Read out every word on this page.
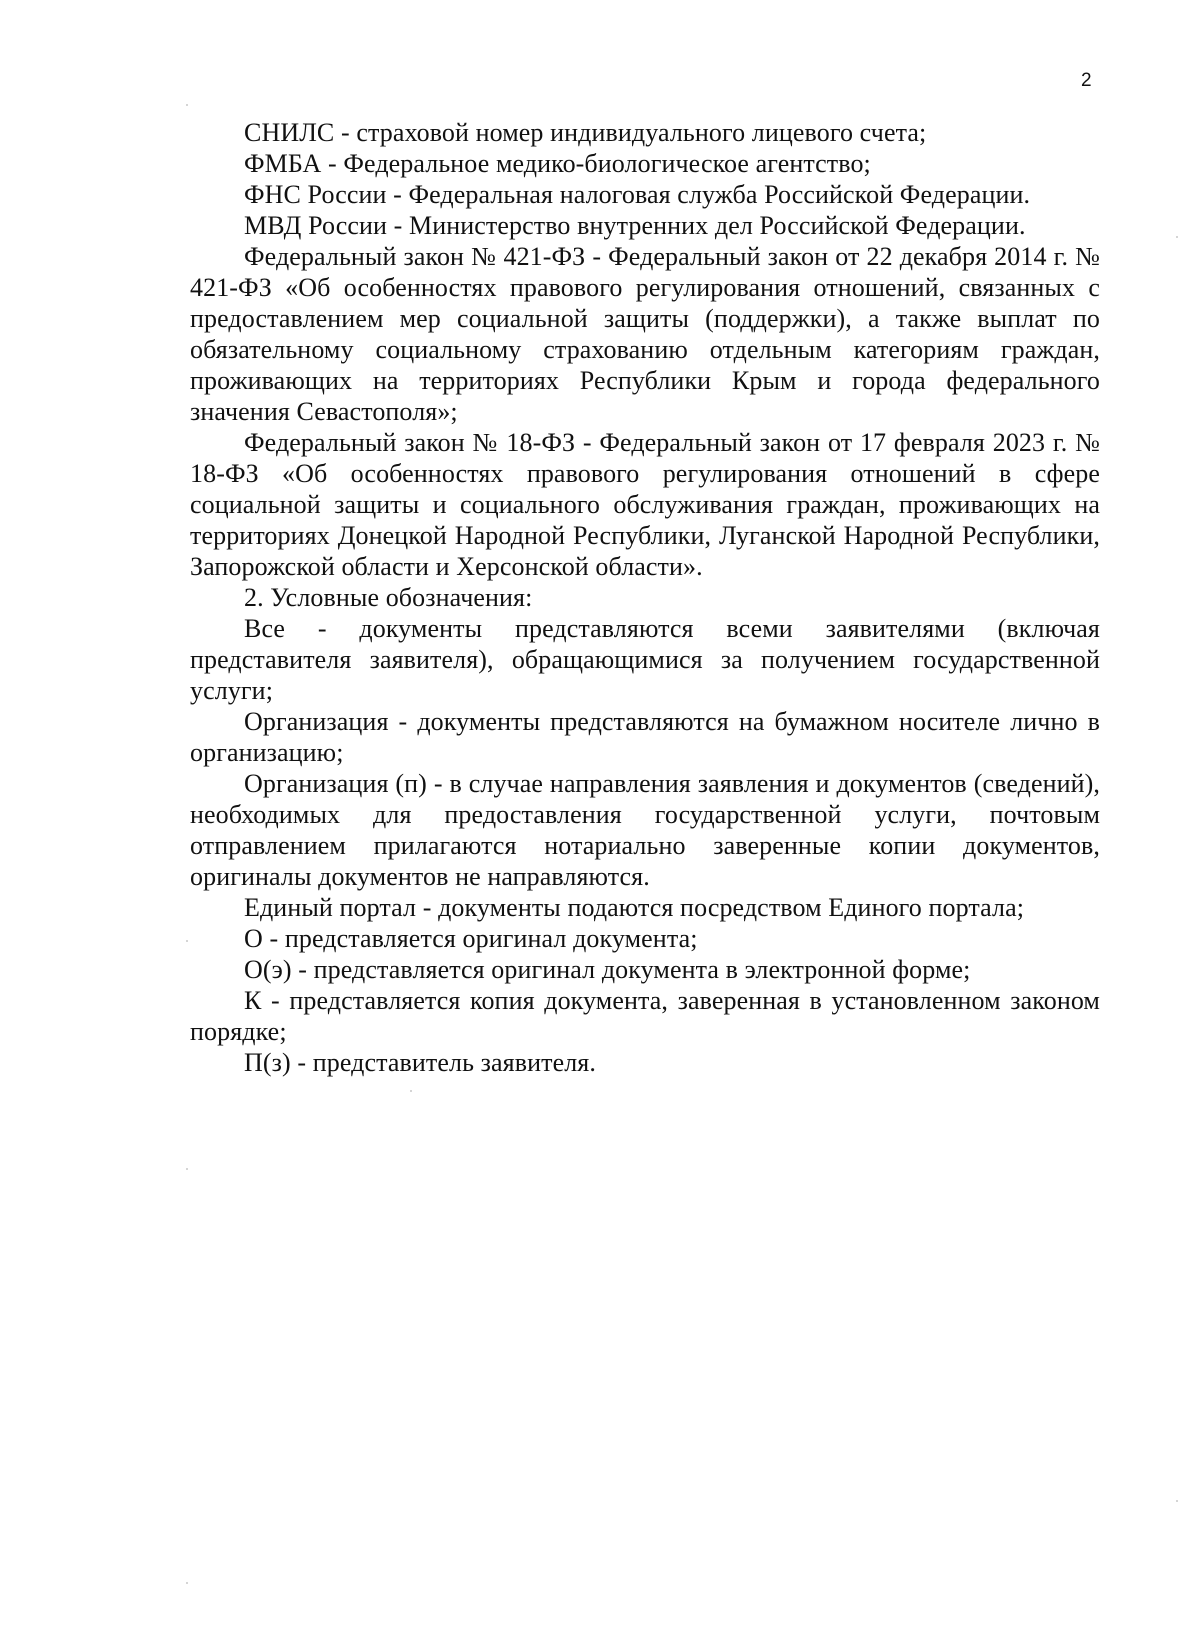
2

СНИЛС - страховой номер индивидуального лицевого счета;

ФМБА - Федеральное медико-биологическое агентство;

ФНС России - Федеральная налоговая служба Российской Федерации.

МВД России - Министерство внутренних дел Российской Федерации.

Федеральный закон № 421-ФЗ - Федеральный закон от 22 декабря 2014 г. № 421-ФЗ «Об особенностях правового регулирования отношений, связанных с предоставлением мер социальной защиты (поддержки), а также выплат по обязательному социальному страхованию отдельным категориям граждан, проживающих на территориях Республики Крым и города федерального значения Севастополя»;

Федеральный закон № 18-ФЗ - Федеральный закон от 17 февраля 2023 г. № 18-ФЗ «Об особенностях правового регулирования отношений в сфере социальной защиты и социального обслуживания граждан, проживающих на территориях Донецкой Народной Республики, Луганской Народной Республики, Запорожской области и Херсонской области».

2. Условные обозначения:

Все - документы представляются всеми заявителями (включая представителя заявителя), обращающимися за получением государственной услуги;

Организация - документы представляются на бумажном носителе лично в организацию;

Организация (п) - в случае направления заявления и документов (сведений), необходимых для предоставления государственной услуги, почтовым отправлением прилагаются нотариально заверенные копии документов, оригиналы документов не направляются.

Единый портал - документы подаются посредством Единого портала;

О - представляется оригинал документа;

О(э) - представляется оригинал документа в электронной форме;

К - представляется копия документа, заверенная в установленном законом порядке;

П(з) - представитель заявителя.
